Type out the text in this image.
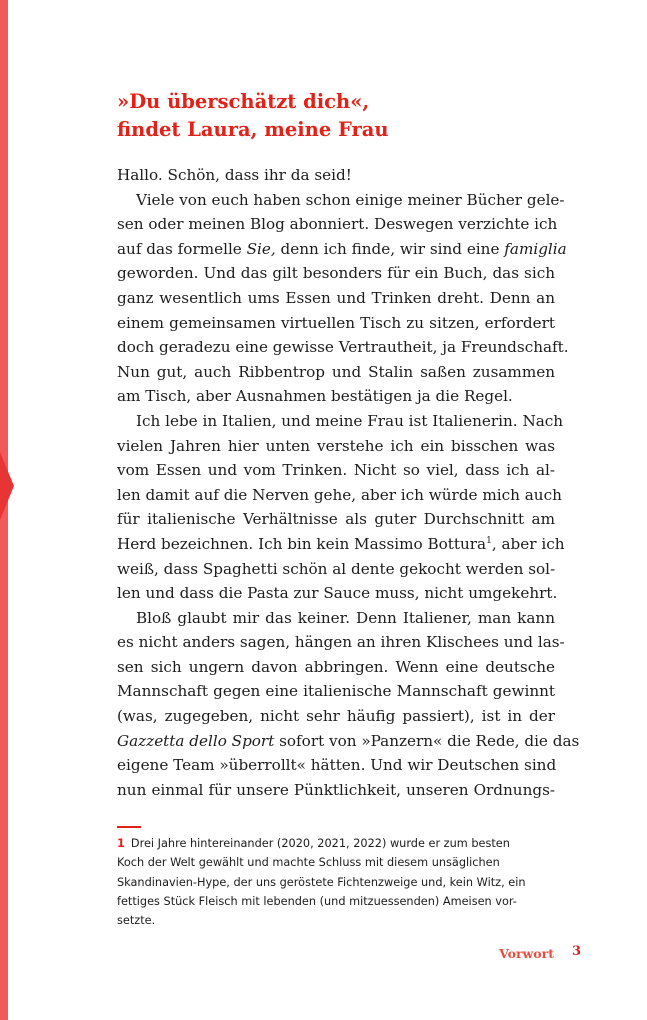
»Du überschätzt dich«,
findet Laura, meine Frau
Hallo. Schön, dass ihr da seid!
Viele von euch haben schon einige meiner Bücher gele-
sen oder meinen Blog abonniert. Deswegen verzichte ich
auf das formelle Sie, denn ich finde, wir sind eine famiglia
geworden. Und das gilt besonders für ein Buch, das sich
ganz wesentlich ums Essen und Trinken dreht. Denn an
einem gemeinsamen virtuellen Tisch zu sitzen, erfordert
doch geradezu eine gewisse Vertrautheit, ja Freundschaft.
Nun gut, auch Ribbentrop und Stalin saßen zusammen
am Tisch, aber Ausnahmen bestätigen ja die Regel.
Ich lebe in Italien, und meine Frau ist Italienerin. Nach
vielen Jahren hier unten verstehe ich ein bisschen was
vom Essen und vom Trinken. Nicht so viel, dass ich al-
len damit auf die Nerven gehe, aber ich würde mich auch
für italienische Verhältnisse als guter Durchschnitt am
Herd bezeichnen. Ich bin kein Massimo Bottura$^1$, aber ich
weiß, dass Spaghetti schön al dente gekocht werden sol-
len und dass die Pasta zur Sauce muss, nicht umgekehrt.
Bloß glaubt mir das keiner. Denn Italiener, man kann
es nicht anders sagen, hängen an ihren Klischees und las-
sen sich ungern davon abbringen. Wenn eine deutsche
Mannschaft gegen eine italienische Mannschaft gewinnt
(was, zugegeben, nicht sehr häufig passiert), ist in der
Gazzetta dello Sport sofort von »Panzern« die Rede, die das
eigene Team »überrollt« hätten. Und wir Deutschen sind
nun einmal für unsere Pünktlichkeit, unseren Ordnungs-
1 Drei Jahre hintereinander (2020, 2021, 2022) wurde er zum besten
Koch der Welt gewählt und machte Schluss mit diesem unsäglichen
Skandinavien-Hype, der uns geröstete Fichtenzweige und, kein Witz, ein
fettiges Stück Fleisch mit lebenden (und mitzuessenden) Ameisen vor-
setzte.
Vorwort 3
